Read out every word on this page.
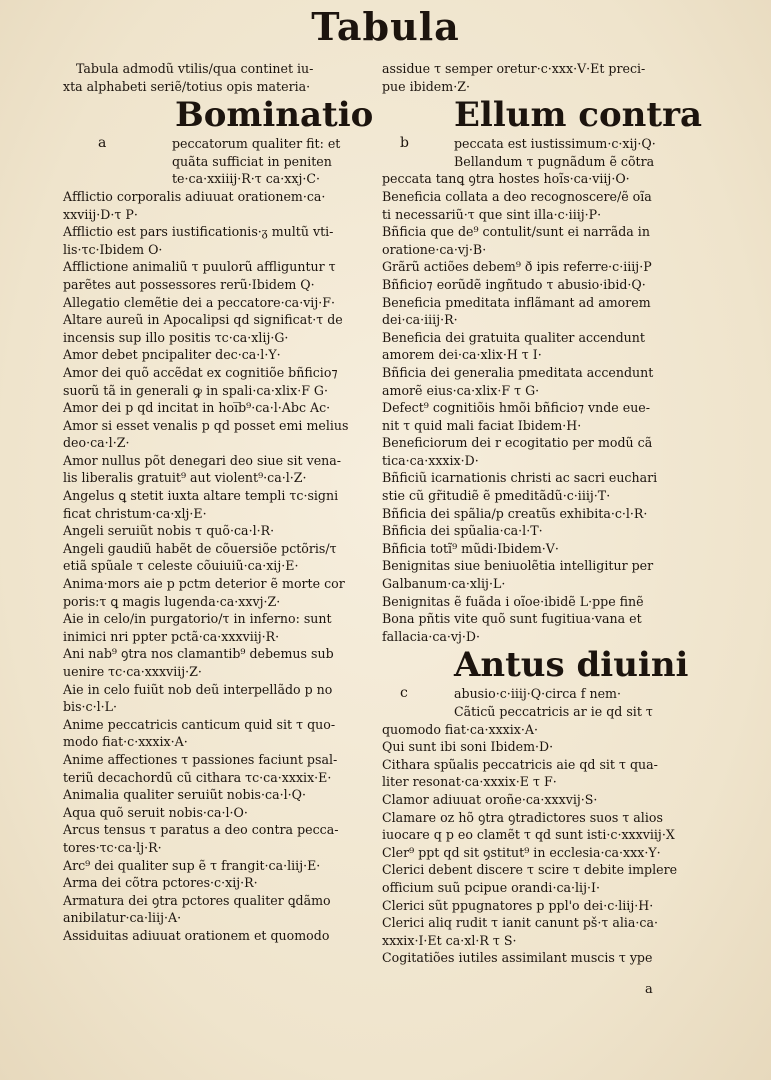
Tabula
Tabula admodũ vtilis/qua continet iu-
xta alphabeti seriẽ/totius opis materia·
Bominatio
a	peccatorum qualiter fit: et
quãta sufficiat in peniten
te·ca·xxiiij·R·τ ca·xxj·C·
Afflictio corporalis adiuuat orationem·ca·
xxviij·D·τ P·
Afflictio est pars iustificationis·ᵹ multũ vti-
lis·τc·Ibidem O·
Afflictione animaliũ τ puulorũ affliguntur τ
parẽtes aut possessores rerũ·Ibidem Q·
Allegatio clemẽtie dei a peccatore·ca·vij·F·
Altare aureũ in Apocalipsi qd significat·τ de
incensis sup illo positis τc·ca·xlij·G·
Amor debet pncipaliter dec·ca·l·Y·
Amor dei quõ accẽdat ex cognitiõe bñficio⁊
suorũ tã in generali ꝙ in spali·ca·xlix·F G·
Amor dei p qd incitat in hoi̅b⁹·ca·l·Abc Ac·
Amor si esset venalis p qd posset emi melius
deo·ca·l·Z·
Amor nullus põt denegari deo siue sit vena-
lis liberalis gratuit⁹ aut violent⁹·ca·l·Z·
Angelus ꝗ stetit iuxta altare templi τc·signi
ficat christum·ca·xlj·E·
Angeli seruiũt nobis τ quõ·ca·l·R·
Angeli gaudiũ habẽt de cõuersiõe pctõris/τ
etiã spũale τ celeste cõuiuiũ·ca·xij·E·
Anima·mors aie p pctm deterior ẽ morte cor
poris:τ ꝗ magis lugenda·ca·xxvj·Z·
Aie in celo/in purgatorio/τ in inferno: sunt
inimici nri ppter pctã·ca·xxxviij·R·
Ani nab⁹ ꝯtra nos clamantib⁹ debemus sub
uenire τc·ca·xxxviij·Z·
Aie in celo fuiũt nob deũ interpellãdo p no
bis·c·l·L·
Anime peccatricis canticum quid sit τ quo-
modo fiat·c·xxxix·A·
Anime affectiones τ passiones faciunt psal-
teriũ decachordũ cũ cithara τc·ca·xxxix·E·
Animalia qualiter seruiũt nobis·ca·l·Q·
Aqua quõ seruit nobis·ca·l·O·
Arcus tensus τ paratus a deo contra pecca-
tores·τc·ca·lj·R·
Arc⁹ dei qualiter sup ẽ τ frangit·ca·liij·E·
Arma dei cõtra pctores·c·xij·R·
Armatura dei ꝯtra pctores qualiter ꝗdãmo
anibilatur·ca·liij·A·
Assiduitas adiuuat orationem et quomodo
assidue τ semper oretur·c·xxx·V·Et preci-
pue ibidem·Z·
Ellum contra
b	peccata est iustissimum·c·xij·Q·
Bellandum τ pugnãdum ẽ cõtra
peccata tanꝗ ꝯtra hostes hoĩs·ca·viij·O·
Beneficia collata a deo recognoscere/ẽ oĩa
ti necessariũ·τ que sint illa·c·iiij·P·
Bñficia que de⁹ contulit/sunt ei narrãda in
oratione·ca·vj·B·
Grãrũ actiões debem⁹ ð ipis referre·c·iiij·P
Bñficio⁊ eorũdẽ ingñtudo τ abusio·ibid·Q·
Beneficia pmeditata inflãmant ad amorem
dei·ca·iiij·R·
Beneficia dei gratuita qualiter accendunt
amorem dei·ca·xlix·H τ I·
Bñficia dei generalia pmeditata accendunt
amorẽ eius·ca·xlix·F τ G·
Defect⁹ cognitiõis hmõi bñficio⁊ vnde eue-
nit τ quid mali faciat Ibidem·H·
Beneficiorum dei r ecogitatio per modũ cã
tica·ca·xxxix·D·
Bñficiũ icarnationis christi ac sacri euchari
stie cũ gr̃itudiẽ ẽ pmeditãdũ·c·iiij·T·
Bñficia dei spãlia/p creatũs exhibita·c·l·R·
Bñficia dei spũalia·ca·l·T·
Bñficia totĩ⁹ mũdi·Ibidem·V·
Benignitas siue beniuolẽtia intelligitur per
Galbanum·ca·xlij·L·
Benignitas ẽ fuãda i oĩoe·ibidẽ L·ppe finẽ
Bona pñtis vite quõ sunt fugitiua·vana et
fallacia·ca·vj·D·
Antus diuini
c	abusio·c·iiij·Q·circa f nem·
Cãticũ peccatricis ar ie qd sit τ
quomodo fiat·ca·xxxix·A·
Qui sunt ibi soni Ibidem·D·
Cithara spũalis peccatricis aie qd sit τ qua-
liter resonat·ca·xxxix·E τ F·
Clamor adiuuat oroñe·ca·xxxvij·S·
Clamare oz hõ ꝯtra ꝯtradictores suos τ alios
iuocare q p eo clamẽt τ qd sunt isti·c·xxxviij·X
Cler⁹ ppt qd sit ꝯstitut⁹ in ecclesia·ca·xxx·Y·
Clerici debent discere τ scire τ debite implere
officium suũ pcipue orandi·ca·lij·I·
Clerici sũt ppugnatores p ppl'o dei·c·liij·H·
Clerici aliq rudit τ ianit canunt pš·τ alia·ca·
xxxix·I·Et ca·xl·R τ S·
Cogitatiões iutiles assimilant muscis τ ype
a
